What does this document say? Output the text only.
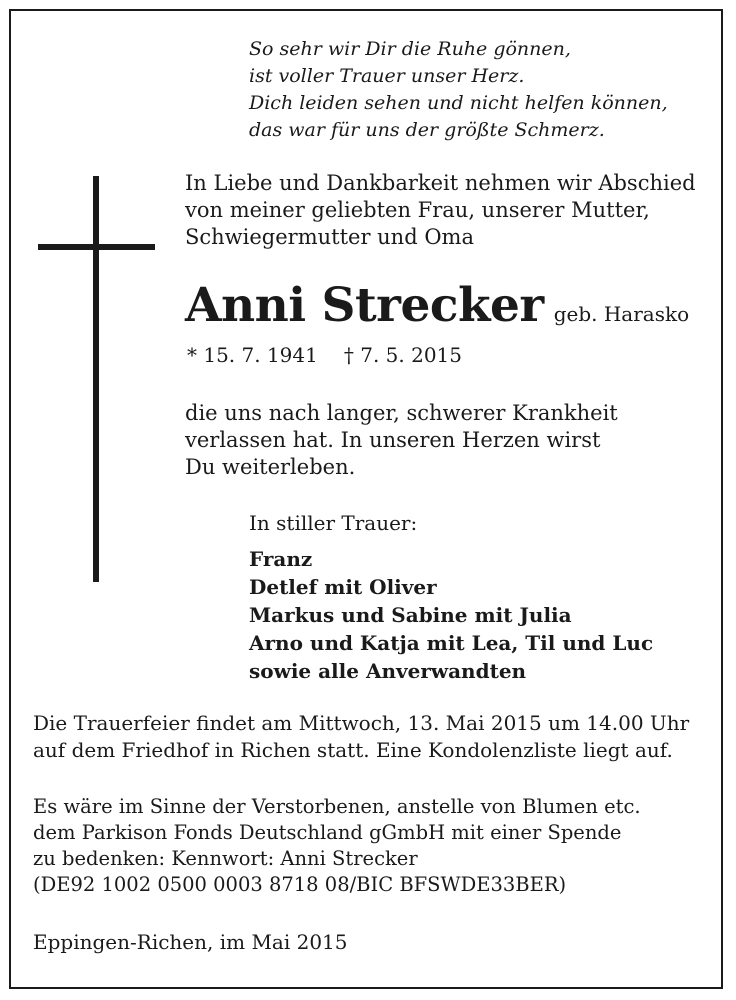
So sehr wir Dir die Ruhe gönnen,
ist voller Trauer unser Herz.
Dich leiden sehen und nicht helfen können,
das war für uns der größte Schmerz.
In Liebe und Dankbarkeit nehmen wir Abschied
von meiner geliebten Frau, unserer Mutter,
Schwiegermutter und Oma
Anni Strecker geb. Harasko
* 15. 7. 1941 † 7. 5. 2015
die uns nach langer, schwerer Krankheit
verlassen hat. In unseren Herzen wirst
Du weiterleben.
In stiller Trauer:
Franz
Detlef mit Oliver
Markus und Sabine mit Julia
Arno und Katja mit Lea, Til und Luc
sowie alle Anverwandten
Die Trauerfeier findet am Mittwoch, 13. Mai 2015 um 14.00 Uhr
auf dem Friedhof in Richen statt. Eine Kondolenzliste liegt auf.
Es wäre im Sinne der Verstorbenen, anstelle von Blumen etc.
dem Parkison Fonds Deutschland gGmbH mit einer Spende
zu bedenken: Kennwort: Anni Strecker
(DE92 1002 0500 0003 8718 08/BIC BFSWDE33BER)
Eppingen-Richen, im Mai 2015
